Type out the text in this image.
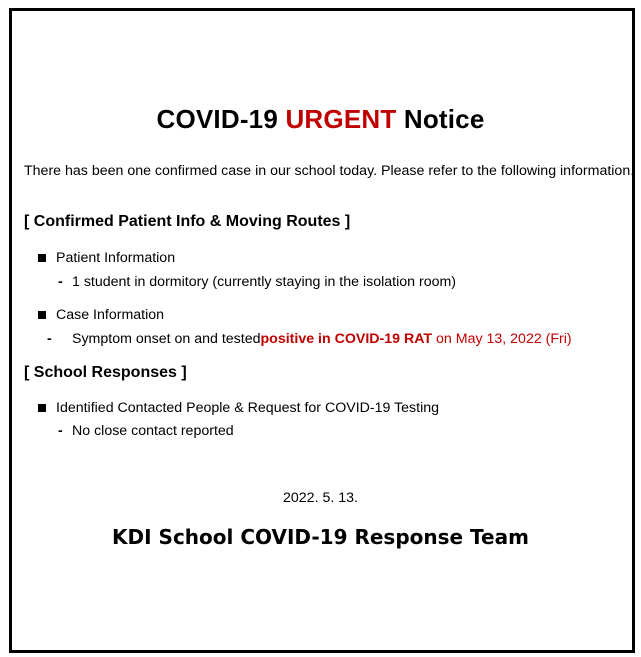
COVID-19 URGENT Notice
There has been one confirmed case in our school today. Please refer to the following information.
[ Confirmed Patient Info & Moving Routes ]
Patient Information
- 1 student in dormitory (currently staying in the isolation room)
Case Information
-	Symptom onset on and tested positive in COVID-19 RAT on May 13, 2022 (Fri)
[ School Responses ]
Identified Contacted People & Request for COVID-19 Testing
- No close contact reported
2022. 5. 13.
KDI School COVID-19 Response Team
